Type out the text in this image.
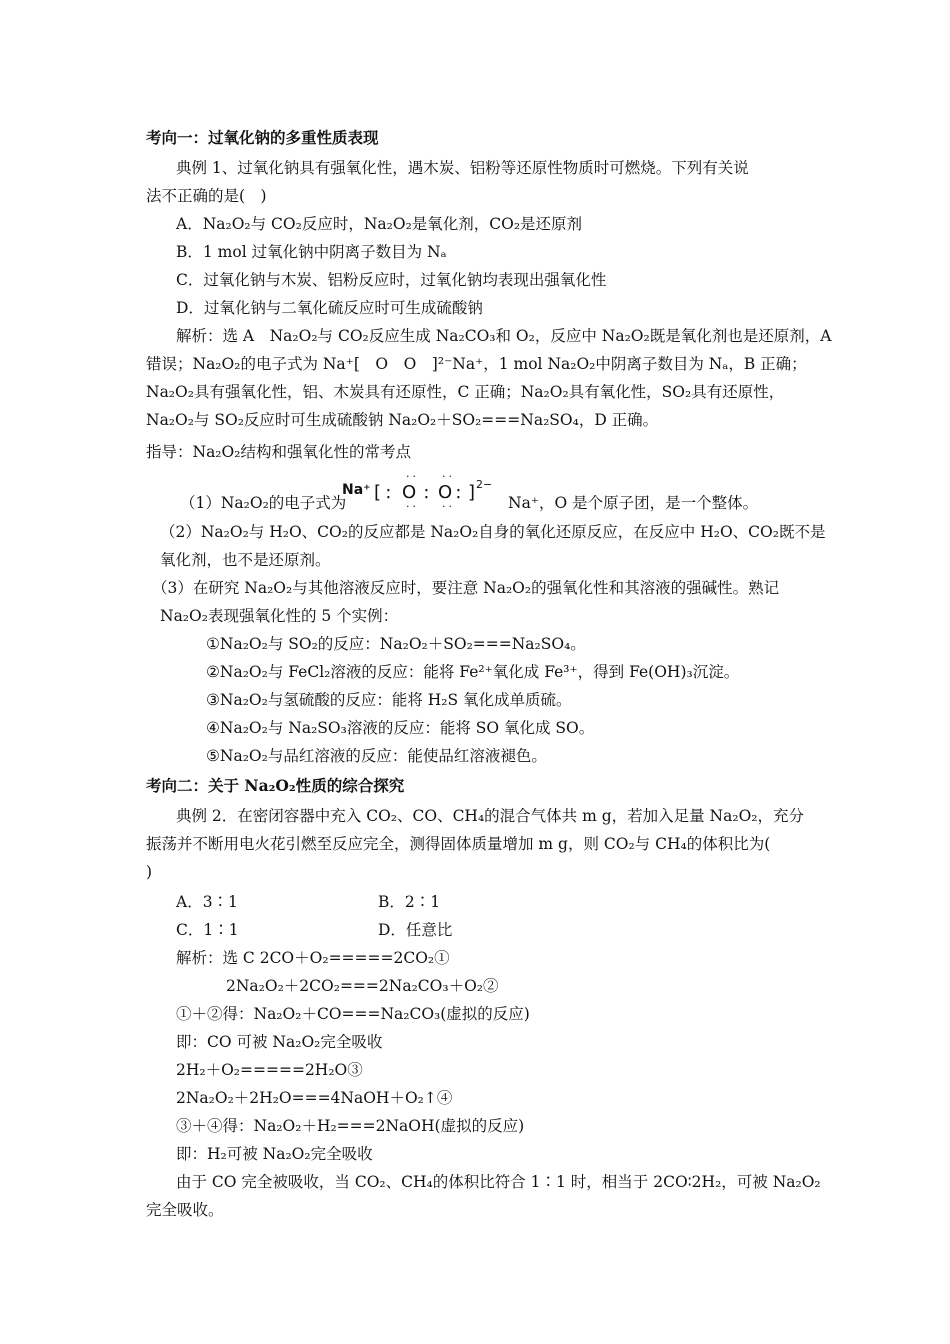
考向一：过氧化钠的多重性质表现
典例 1、过氧化钠具有强氧化性，遇木炭、铝粉等还原性物质时可燃烧。下列有关说
法不正确的是(　)
A．Na₂O₂与 CO₂反应时，Na₂O₂是氧化剂，CO₂是还原剂
B．1 mol 过氧化钠中阴离子数目为 Nₐ
C．过氧化钠与木炭、铝粉反应时，过氧化钠均表现出强氧化性
D．过氧化钠与二氧化硫反应时可生成硫酸钠
解析：选 A　Na₂O₂与 CO₂反应生成 Na₂CO₃和 O₂，反应中 Na₂O₂既是氧化剂也是还原剂，A
错误；Na₂O₂的电子式为 Na⁺[　O　O　]²⁻Na⁺，1 mol Na₂O₂中阴离子数目为 Nₐ，B 正确；
Na₂O₂具有强氧化性，铝、木炭具有还原性，C 正确；Na₂O₂具有氧化性，SO₂具有还原性，
Na₂O₂与 SO₂反应时可生成硫酸钠 Na₂O₂＋SO₂===Na₂SO₄，D 正确。
指导：Na₂O₂结构和强氧化性的常考点
（1）Na₂O₂的电子式为
Na⁺ [
··
∶ O
··
∶
··
O
··
∶ ] 2−
Na⁺，O 是个原子团，是一个整体。
（2）Na₂O₂与 H₂O、CO₂的反应都是 Na₂O₂自身的氧化还原反应，在反应中 H₂O、CO₂既不是
氧化剂，也不是还原剂。
（3）在研究 Na₂O₂与其他溶液反应时，要注意 Na₂O₂的强氧化性和其溶液的强碱性。熟记
Na₂O₂表现强氧化性的 5 个实例：
①Na₂O₂与 SO₂的反应：Na₂O₂＋SO₂===Na₂SO₄。
②Na₂O₂与 FeCl₂溶液的反应：能将 Fe²⁺氧化成 Fe³⁺，得到 Fe(OH)₃沉淀。
③Na₂O₂与氢硫酸的反应：能将 H₂S 氧化成单质硫。
④Na₂O₂与 Na₂SO₃溶液的反应：能将 SO 氧化成 SO。
⑤Na₂O₂与品红溶液的反应：能使品红溶液褪色。
考向二：关于 Na₂O₂性质的综合探究
典例 2．在密闭容器中充入 CO₂、CO、CH₄的混合气体共 m g，若加入足量 Na₂O₂，充分
振荡并不断用电火花引燃至反应完全，测得固体质量增加 m g，则 CO₂与 CH₄的体积比为(
)
A．3∶1	B．2∶1
C．1∶1	D．任意比
解析：选 C 2CO＋O₂=====2CO₂①
2Na₂O₂＋2CO₂===2Na₂CO₃＋O₂②
①＋②得：Na₂O₂＋CO===Na₂CO₃(虚拟的反应)
即：CO 可被 Na₂O₂完全吸收
2H₂＋O₂=====2H₂O③
2Na₂O₂＋2H₂O===4NaOH＋O₂↑④
③＋④得：Na₂O₂＋H₂===2NaOH(虚拟的反应)
即：H₂可被 Na₂O₂完全吸收
由于 CO 完全被吸收，当 CO₂、CH₄的体积比符合 1∶1 时，相当于 2CO∶2H₂，可被 Na₂O₂
完全吸收。
